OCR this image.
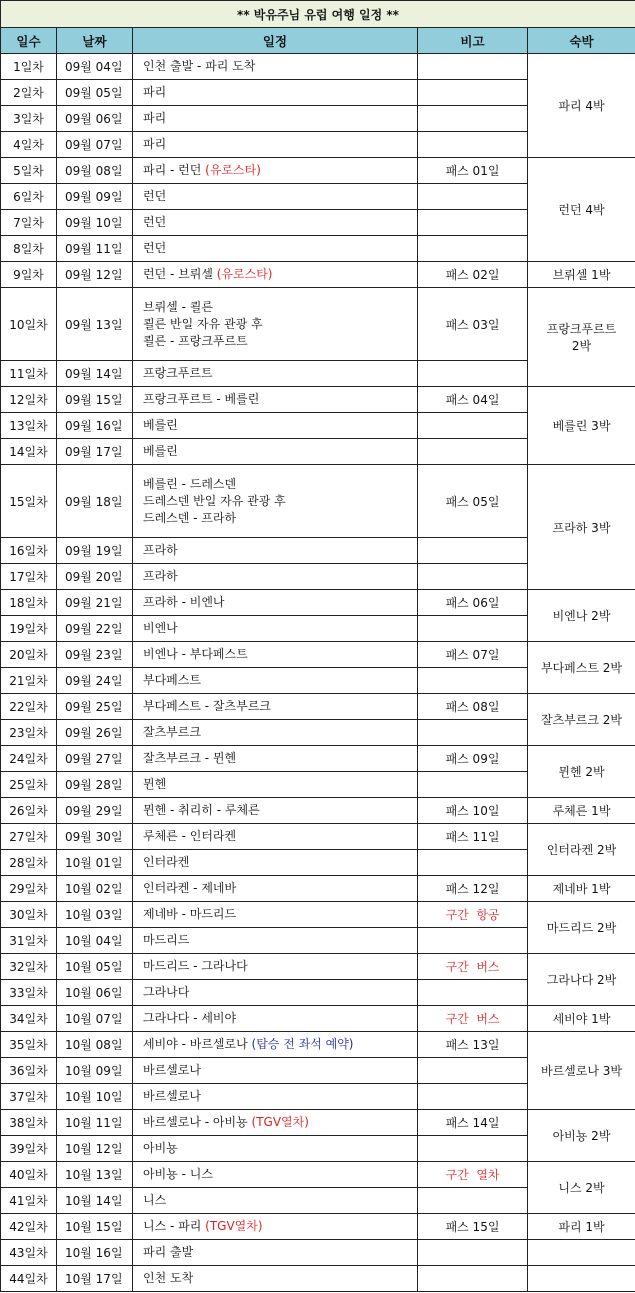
** 박유주님 유럽 여행 일정 **				
일수	날짜	일정	비고	숙박
1일차	09월 04일	인천 출발 - 파리 도착		파리 4박
2일차	09월 05일	파리		

3일차	09월 06일	파리		

4일차	09월 07일	파리		

5일차	09월 08일	파리 - 런던 (유로스타)	패스 01일	런던 4박
6일차	09월 09일	런던		

7일차	09월 10일	런던		

8일차	09월 11일	런던		

9일차	09월 12일	런던 - 브뤼셀 (유로스타)	패스 02일	브뤼셀 1박
10일차	09월 13일	브뤼셀 - 쾰른
쾰른 반일 자유 관광 후
쾰른 - 프랑크푸르트	패스 03일	프랑크푸르트
2박

11일차	09월 14일	프랑크푸르트		

12일차	09월 15일	프랑크푸르트 - 베를린	패스 04일	베를린 3박
13일차	09월 16일	베를린		

14일차	09월 17일	베를린		

15일차	09월 18일	베를린 - 드레스덴
드레스덴 반일 자유 관광 후
드레스덴 - 프라하	패스 05일	프라하 3박
16일차	09월 19일	프라하		

17일차	09월 20일	프라하		

18일차	09월 21일	프라하 - 비엔나	패스 06일	비엔나 2박
19일차	09월 22일	비엔나		

20일차	09월 23일	비엔나 - 부다페스트	패스 07일	부다페스트 2박
21일차	09월 24일	부다페스트		

22일차	09월 25일	부다페스트 - 잘츠부르크	패스 08일	잘츠부르크 2박
23일차	09월 26일	잘츠부르크		

24일차	09월 27일	잘츠부르크 - 뮌헨	패스 09일	뮌헨 2박
25일차	09월 28일	뮌헨		

26일차	09월 29일	뮌헨 - 취리히 - 루체른	패스 10일	루체른 1박
27일차	09월 30일	루체른 - 인터라켄	패스 11일	인터라켄 2박
28일차	10월 01일	인터라켄		

29일차	10월 02일	인터라켄 - 제네바	패스 12일	제네바 1박
30일차	10월 03일	제네바 - 마드리드	구간  항공	마드리드 2박
31일차	10월 04일	마드리드		

32일차	10월 05일	마드리드 - 그라나다	구간  버스	그라나다 2박
33일차	10월 06일	그라나다		

34일차	10월 07일	그라나다 - 세비야	구간  버스	세비야 1박
35일차	10월 08일	세비야 - 바르셀로나 (탑승 전 좌석 예약)	패스 13일	바르셀로나 3박
36일차	10월 09일	바르셀로나		

37일차	10월 10일	바르셀로나		

38일차	10월 11일	바르셀로나 - 아비뇽 (TGV열차)	패스 14일	아비뇽 2박
39일차	10월 12일	아비뇽		

40일차	10월 13일	아비뇽 - 니스	구간  열차	니스 2박
41일차	10월 14일	니스		

42일차	10월 15일	니스 - 파리 (TGV열차)	패스 15일	파리 1박
43일차	10월 16일	파리 출발		

44일차	10월 17일	인천 도착		
